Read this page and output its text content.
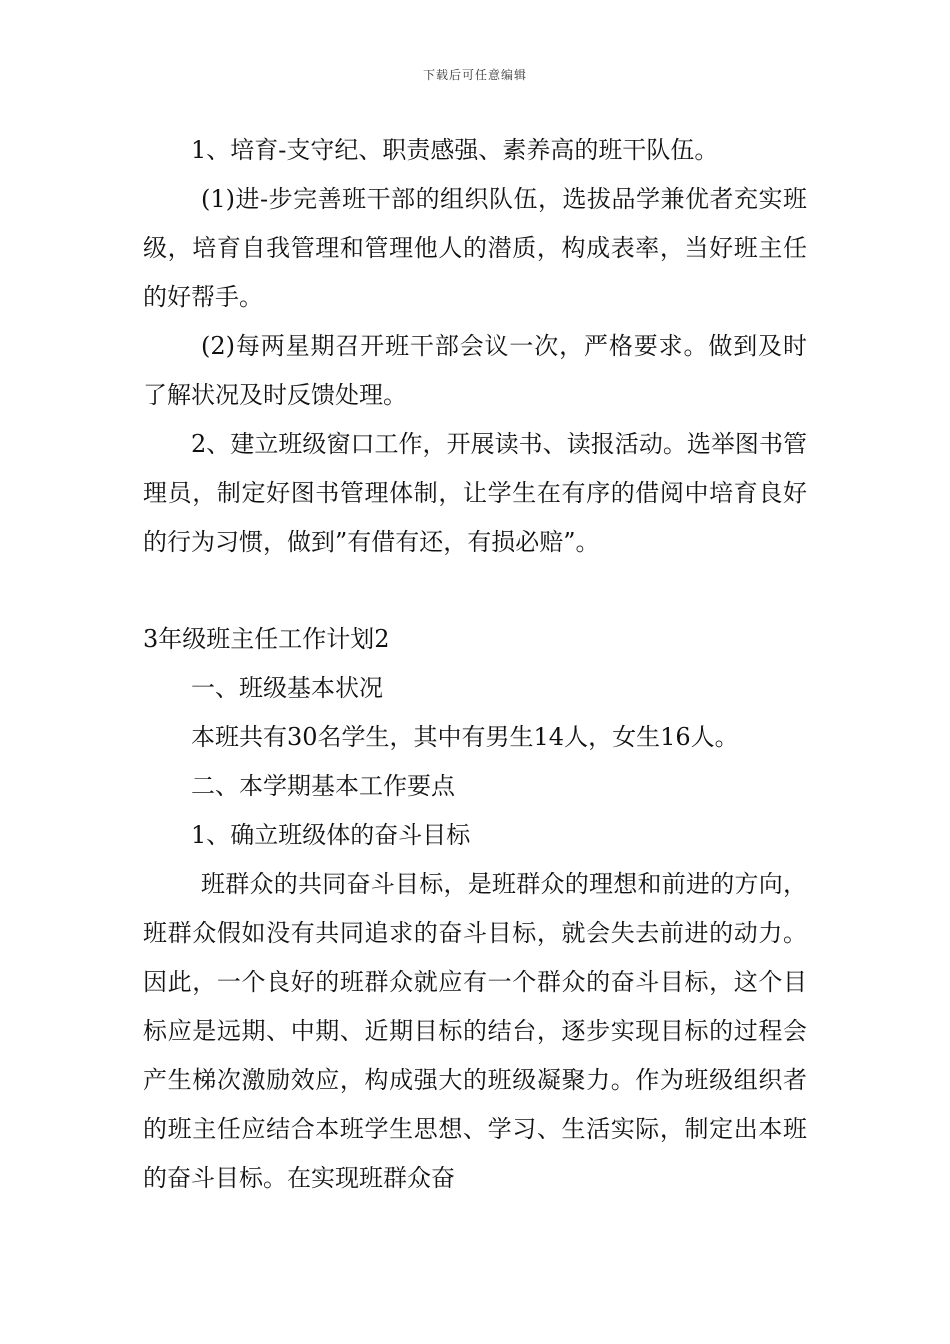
下载后可任意编辑

1、培育-支守纪、职责感强、素养高的班干队伍。

(1)进-步完善班干部的组织队伍，选拔品学兼优者充实班级，培育自我管理和管理他人的潜质，构成表率，当好班主任的好帮手。

(2)每两星期召开班干部会议一次，严格要求。做到及时了解状况及时反馈处理。

2、建立班级窗口工作，开展读书、读报活动。选举图书管理员，制定好图书管理体制，让学生在有序的借阅中培育良好的行为习惯，做到”有借有还，有损必赔”。

3年级班主任工作计划2

一、班级基本状况

本班共有30名学生，其中有男生14人，女生16人。

二、本学期基本工作要点

1、确立班级体的奋斗目标

班群众的共同奋斗目标，是班群众的理想和前进的方向，班群众假如没有共同追求的奋斗目标，就会失去前进的动力。因此，一个良好的班群众就应有一个群众的奋斗目标，这个目标应是远期、中期、近期目标的结台，逐步实现目标的过程会产生梯次激励效应，构成强大的班级凝聚力。作为班级组织者的班主任应结合本班学生思想、学习、生活实际，制定出本班的奋斗目标。在实现班群众奋
